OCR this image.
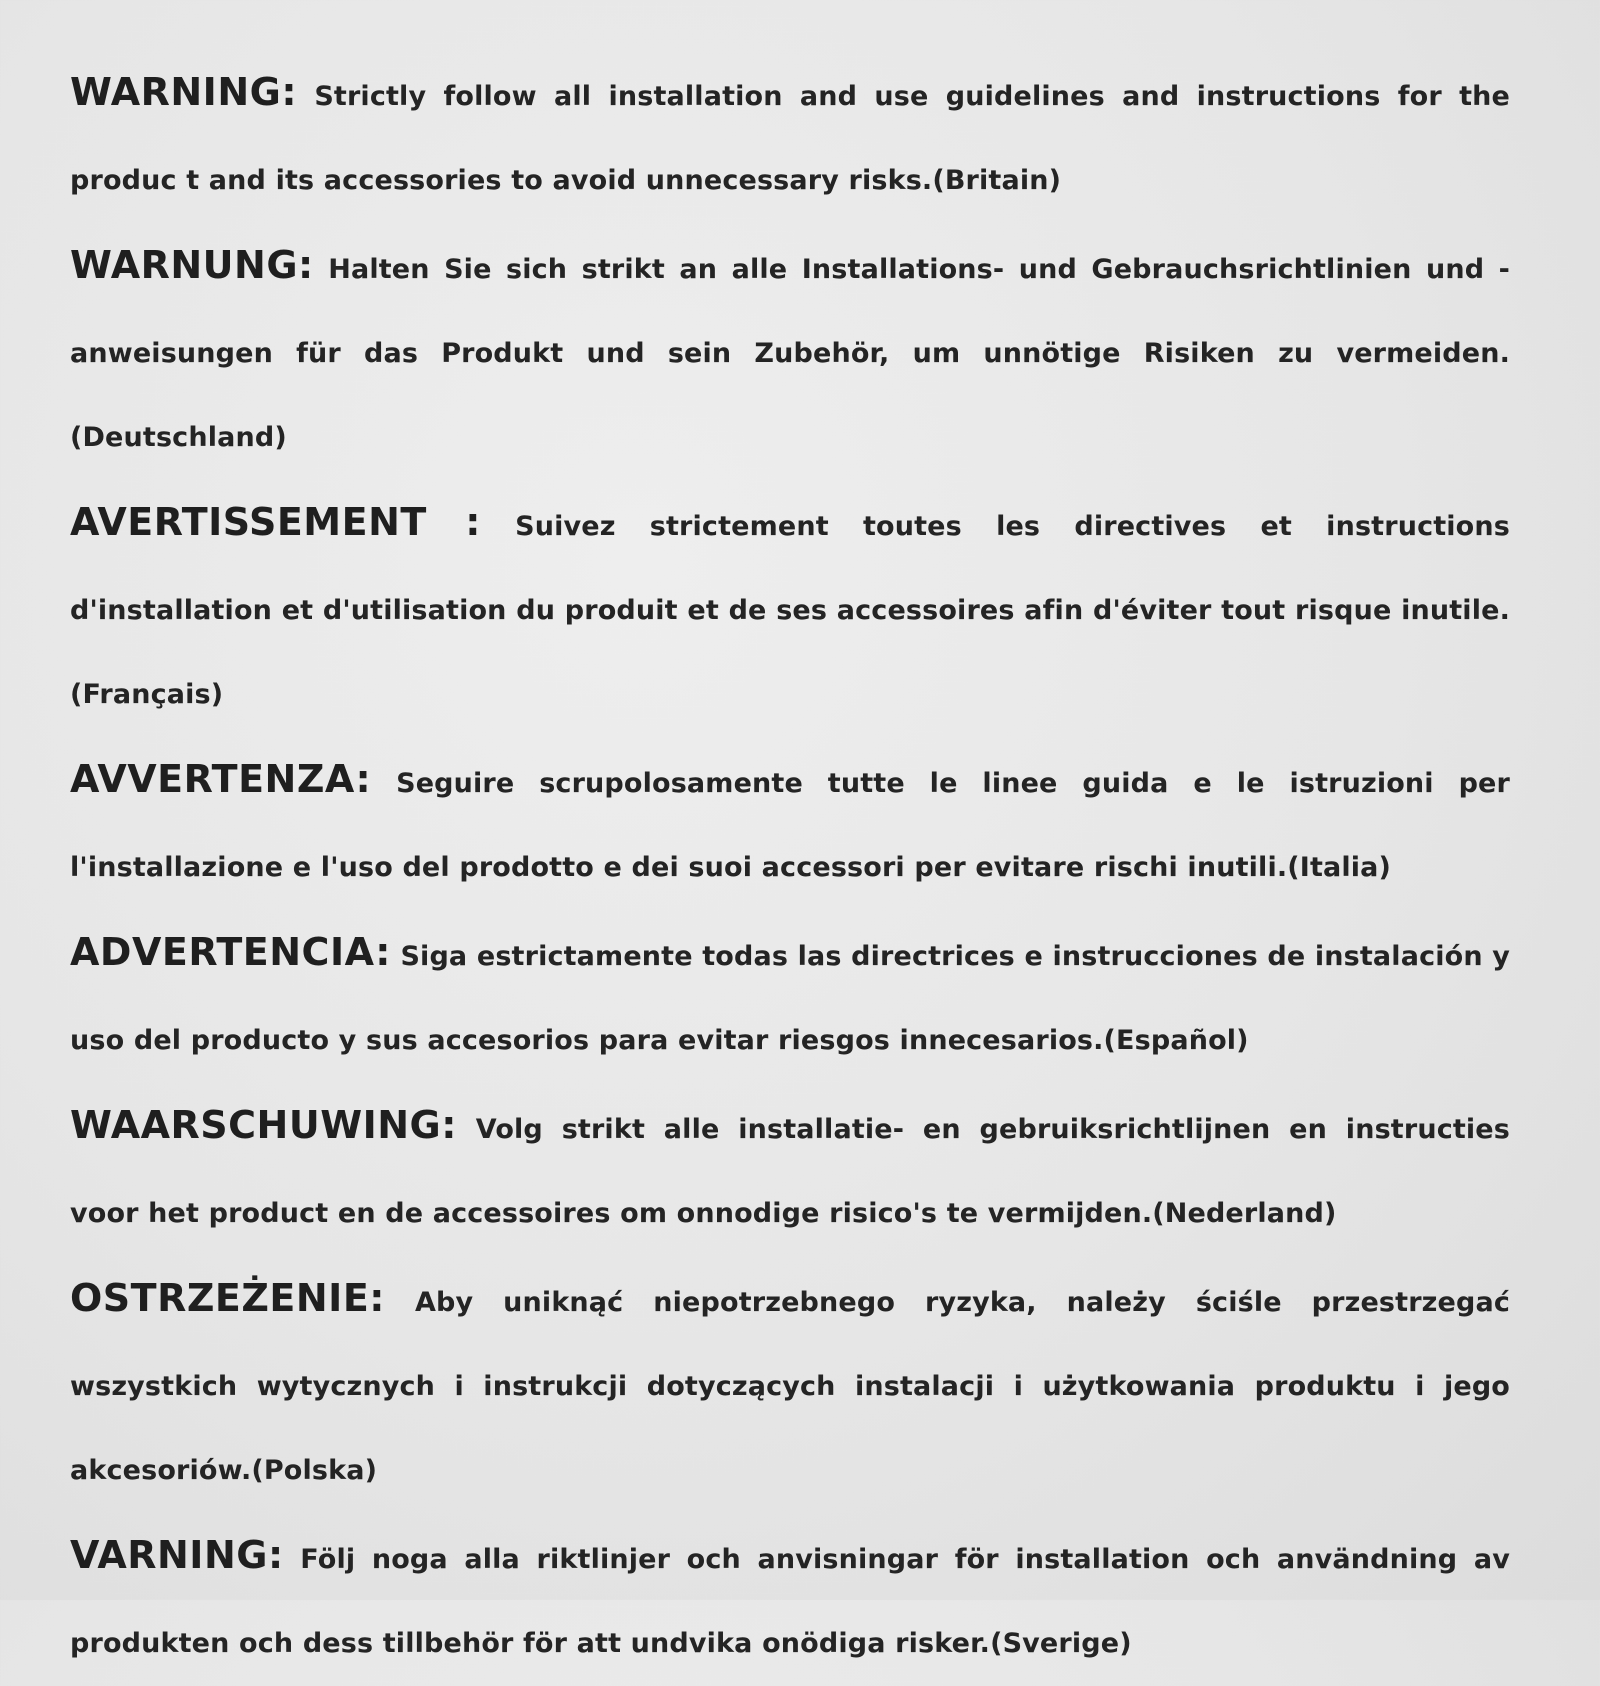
WARNING: Strictly follow all installation and use guidelines and instructions for the produc t and its accessories to avoid unnecessary risks.(Britain)

WARNUNG: Halten Sie sich strikt an alle Installations- und Gebrauchsrichtlinien und -anweisungen für das Produkt und sein Zubehör, um unnötige Risiken zu vermeiden.(Deutschland)

AVERTISSEMENT : Suivez strictement toutes les directives et instructions d'installation et d'utilisation du produit et de ses accessoires afin d'éviter tout risque inutile.(Français)

AVVERTENZA: Seguire scrupolosamente tutte le linee guida e le istruzioni per l'installazione e l'uso del prodotto e dei suoi accessori per evitare rischi inutili.(Italia)

ADVERTENCIA: Siga estrictamente todas las directrices e instrucciones de instalación y uso del producto y sus accesorios para evitar riesgos innecesarios.(Español)

WAARSCHUWING: Volg strikt alle installatie- en gebruiksrichtlijnen en instructies voor het product en de accessoires om onnodige risico's te vermijden.(Nederland)

OSTRZEŻENIE: Aby uniknąć niepotrzebnego ryzyka, należy ściśle przestrzegać wszystkich wytycznych i instrukcji dotyczących instalacji i użytkowania produktu i jego akcesoriów.(Polska)

VARNING: Följ noga alla riktlinjer och anvisningar för installation och användning av produkten och dess tillbehör för att undvika onödiga risker.(Sverige)
